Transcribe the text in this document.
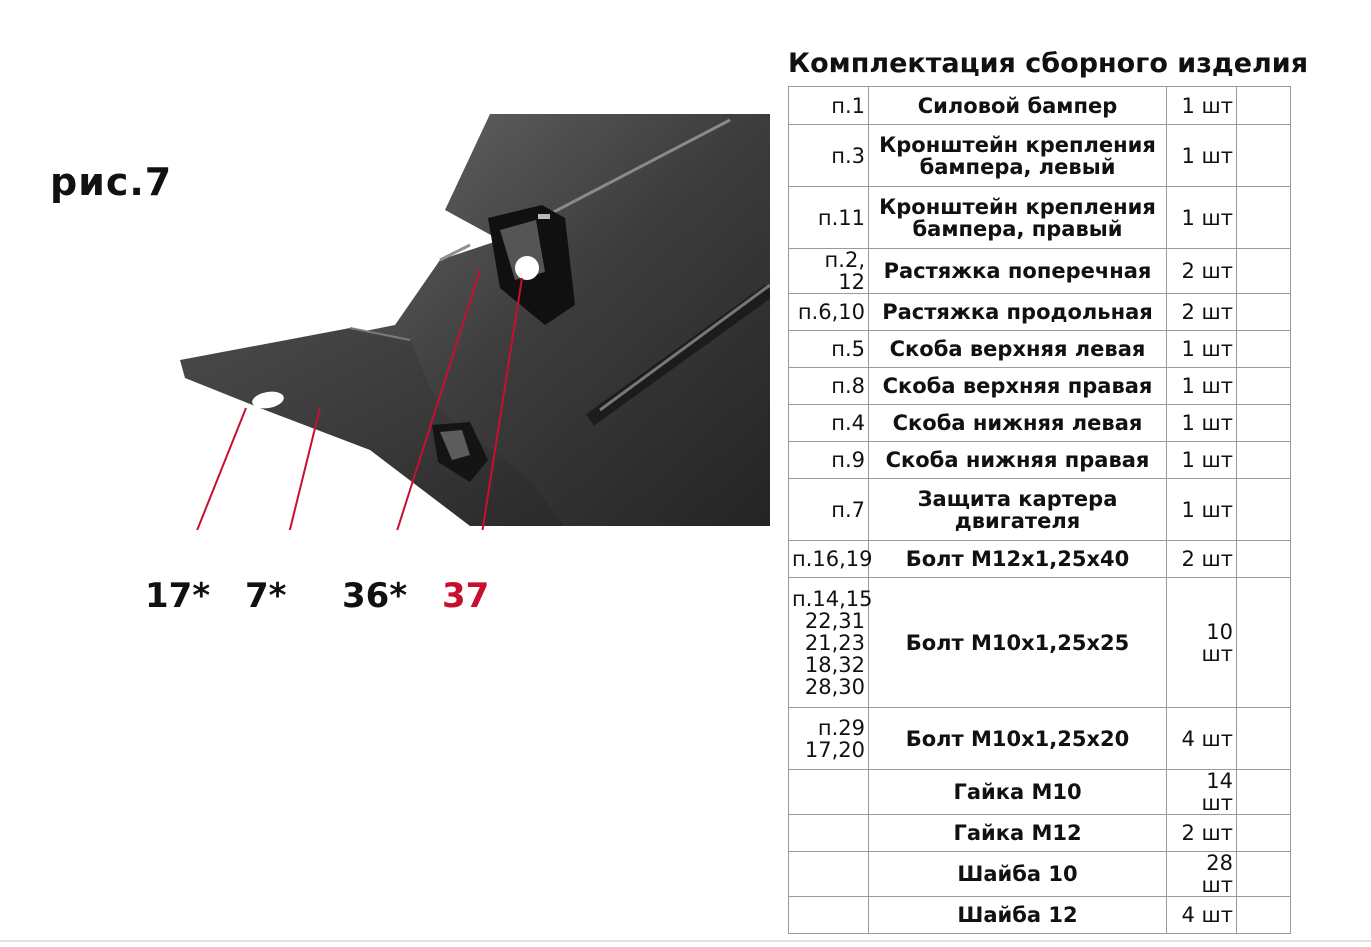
рис.7
17* 7* 36* 37
Комплектация сборного изделия
п.1	Силовой бампер	1 шт	
п.3	Кронштейн крепления бампера, левый	1 шт	
п.11	Кронштейн крепления бампера, правый	1 шт	
п.2, 12	Растяжка поперечная	2 шт	
п.6,10	Растяжка продольная	2 шт	
п.5	Скоба верхняя левая	1 шт	
п.8	Скоба верхняя правая	1 шт	
п.4	Скоба нижняя левая	1 шт	
п.9	Скоба нижняя правая	1 шт	
п.7	Защита картера двигателя	1 шт	
п.16,19	Болт М12х1,25х40	2 шт	
п.14,15
22,31
21,23
18,32
28,30	Болт М10х1,25х25	10 шт	
п.29
17,20	Болт М10х1,25х20	4 шт	
	Гайка М10	14 шт	
	Гайка М12	2 шт	
	Шайба 10	28 шт	
	Шайба 12	4 шт	
